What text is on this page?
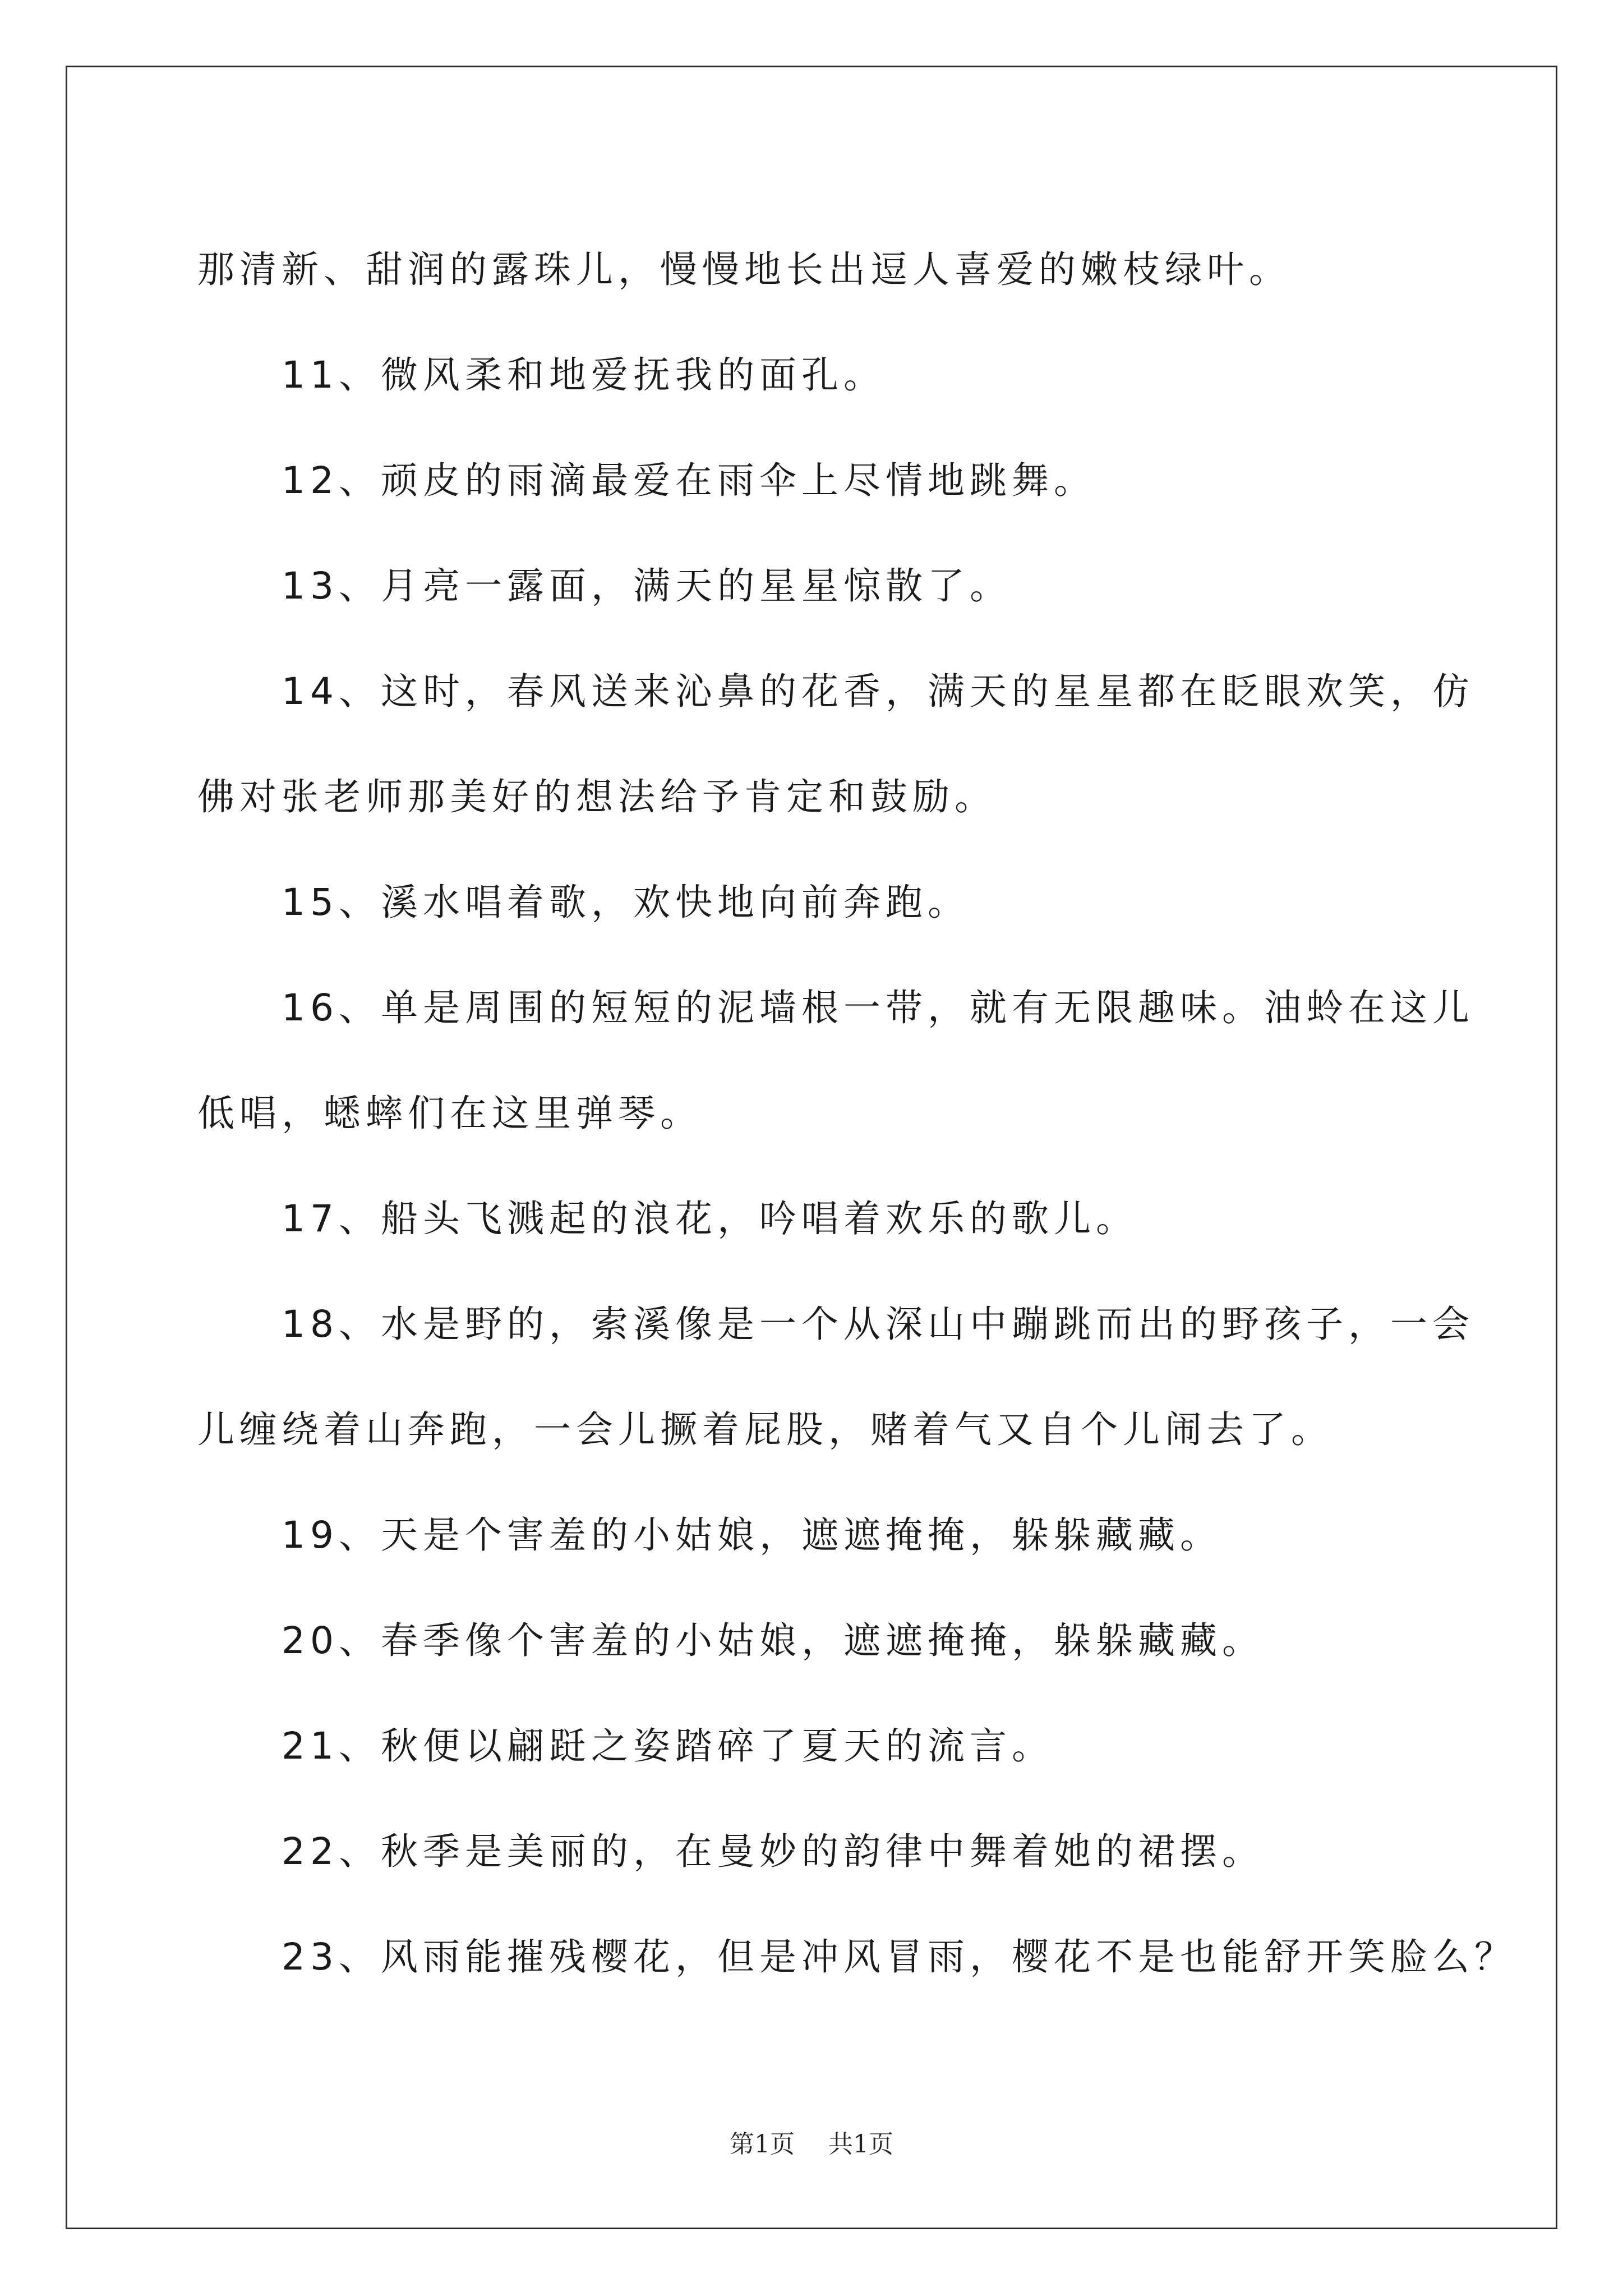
那清新、甜润的露珠儿，慢慢地长出逗人喜爱的嫩枝绿叶。

11、微风柔和地爱抚我的面孔。

12、顽皮的雨滴最爱在雨伞上尽情地跳舞。

13、月亮一露面，满天的星星惊散了。

14、这时，春风送来沁鼻的花香，满天的星星都在眨眼欢笑，仿

佛对张老师那美好的想法给予肯定和鼓励。

15、溪水唱着歌，欢快地向前奔跑。

16、单是周围的短短的泥墙根一带，就有无限趣味。油蛉在这儿

低唱，蟋蟀们在这里弹琴。

17、船头飞溅起的浪花，吟唱着欢乐的歌儿。

18、水是野的，索溪像是一个从深山中蹦跳而出的野孩子，一会

儿缠绕着山奔跑，一会儿撅着屁股，赌着气又自个儿闹去了。

19、天是个害羞的小姑娘，遮遮掩掩，躲躲藏藏。

20、春季像个害羞的小姑娘，遮遮掩掩，躲躲藏藏。

21、秋便以翩跹之姿踏碎了夏天的流言。

22、秋季是美丽的，在曼妙的韵律中舞着她的裙摆。

23、风雨能摧残樱花，但是冲风冒雨，樱花不是也能舒开笑脸么？

第1页 共1页
